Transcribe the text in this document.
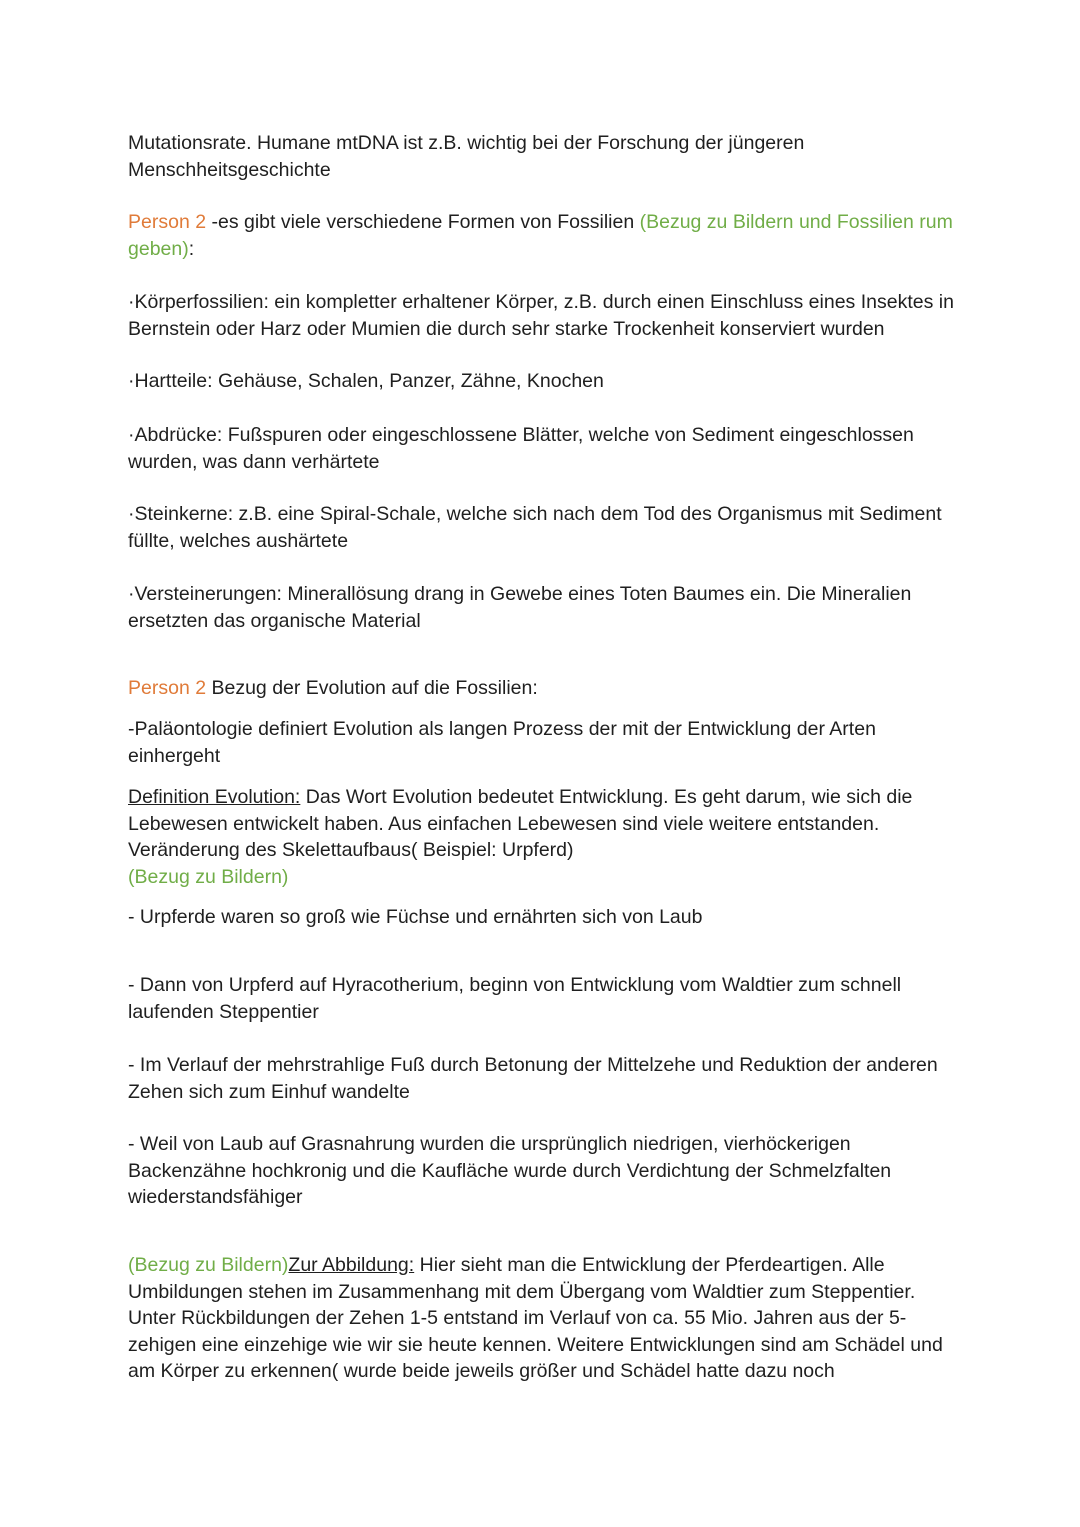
Mutationsrate. Humane mtDNA ist z.B. wichtig bei der Forschung der jüngeren
Menschheitsgeschichte

Person 2 -es gibt viele verschiedene Formen von Fossilien (Bezug zu Bildern und Fossilien rum geben):

·Körperfossilien: ein kompletter erhaltener Körper, z.B. durch einen Einschluss eines Insektes in Bernstein oder Harz oder Mumien die durch sehr starke Trockenheit konserviert wurden

·Hartteile: Gehäuse, Schalen, Panzer, Zähne, Knochen

·Abdrücke: Fußspuren oder eingeschlossene Blätter, welche von Sediment eingeschlossen wurden, was dann verhärtete

·Steinkerne: z.B. eine Spiral-Schale, welche sich nach dem Tod des Organismus mit Sediment füllte, welches aushärtete

·Versteinerungen: Minerallösung drang in Gewebe eines Toten Baumes ein. Die Mineralien ersetzten das organische Material

Person 2 Bezug der Evolution auf die Fossilien:

-Paläontologie definiert Evolution als langen Prozess der mit der Entwicklung der Arten einhergeht

Definition Evolution: Das Wort Evolution bedeutet Entwicklung. Es geht darum, wie sich die Lebewesen entwickelt haben. Aus einfachen Lebewesen sind viele weitere entstanden.
Veränderung des Skelettaufbaus( Beispiel: Urpferd)
(Bezug zu Bildern)

- Urpferde waren so groß wie Füchse und ernährten sich von Laub

- Dann von Urpferd auf Hyracotherium, beginn von Entwicklung vom Waldtier zum schnell laufenden Steppentier

- Im Verlauf der mehrstrahlige Fuß durch Betonung der Mittelzehe und Reduktion der anderen Zehen sich zum Einhuf wandelte

- Weil von Laub auf Grasnahrung wurden die ursprünglich niedrigen, vierhöckerigen Backenzähne hochkronig und die Kaufläche wurde durch Verdichtung der Schmelzfalten wiederstandsfähiger

(Bezug zu Bildern)Zur Abbildung: Hier sieht man die Entwicklung der Pferdeartigen. Alle Umbildungen stehen im Zusammenhang mit dem Übergang vom Waldtier zum Steppentier. Unter Rückbildungen der Zehen 1-5 entstand im Verlauf von ca. 55 Mio. Jahren aus der 5-zehigen eine einzehige wie wir sie heute kennen. Weitere Entwicklungen sind am Schädel und am Körper zu erkennen( wurde beide jeweils größer und Schädel hatte dazu noch
